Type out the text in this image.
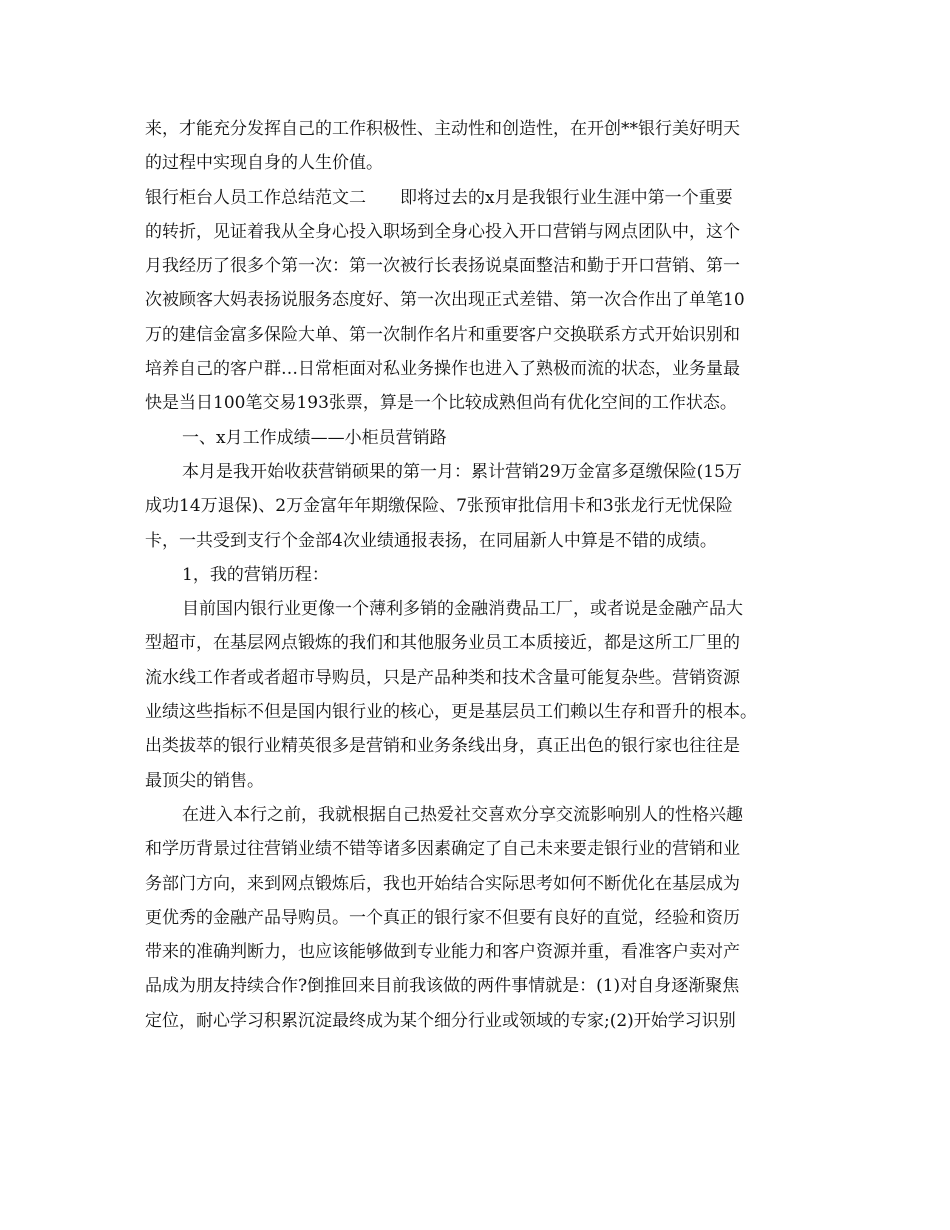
来，才能充分发挥自己的工作积极性、主动性和创造性，在开创**银行美好明天
的过程中实现自身的人生价值。
银行柜台人员工作总结范文二　　即将过去的x月是我银行业生涯中第一个重要
的转折，见证着我从全身心投入职场到全身心投入开口营销与网点团队中，这个
月我经历了很多个第一次：第一次被行长表扬说桌面整洁和勤于开口营销、第一
次被顾客大妈表扬说服务态度好、第一次出现正式差错、第一次合作出了单笔10
万的建信金富多保险大单、第一次制作名片和重要客户交换联系方式开始识别和
培养自己的客户群…日常柜面对私业务操作也进入了熟极而流的状态，业务量最
快是当日100笔交易193张票，算是一个比较成熟但尚有优化空间的工作状态。
一、x月工作成绩——小柜员营销路
本月是我开始收获营销硕果的第一月：累计营销29万金富多趸缴保险(15万
成功14万退保)、2万金富年年期缴保险、7张预审批信用卡和3张龙行无忧保险
卡，一共受到支行个金部4次业绩通报表扬，在同届新人中算是不错的成绩。
1，我的营销历程：
目前国内银行业更像一个薄利多销的金融消费品工厂，或者说是金融产品大
型超市，在基层网点锻炼的我们和其他服务业员工本质接近，都是这所工厂里的
流水线工作者或者超市导购员，只是产品种类和技术含量可能复杂些。营销资源
业绩这些指标不但是国内银行业的核心，更是基层员工们赖以生存和晋升的根本。
出类拔萃的银行业精英很多是营销和业务条线出身，真正出色的银行家也往往是
最顶尖的销售。
在进入本行之前，我就根据自己热爱社交喜欢分享交流影响别人的性格兴趣
和学历背景过往营销业绩不错等诸多因素确定了自己未来要走银行业的营销和业
务部门方向，来到网点锻炼后，我也开始结合实际思考如何不断优化在基层成为
更优秀的金融产品导购员。一个真正的银行家不但要有良好的直觉，经验和资历
带来的准确判断力，也应该能够做到专业能力和客户资源并重，看准客户卖对产
品成为朋友持续合作?倒推回来目前我该做的两件事情就是：(1)对自身逐渐聚焦
定位，耐心学习积累沉淀最终成为某个细分行业或领域的专家;(2)开始学习识别
